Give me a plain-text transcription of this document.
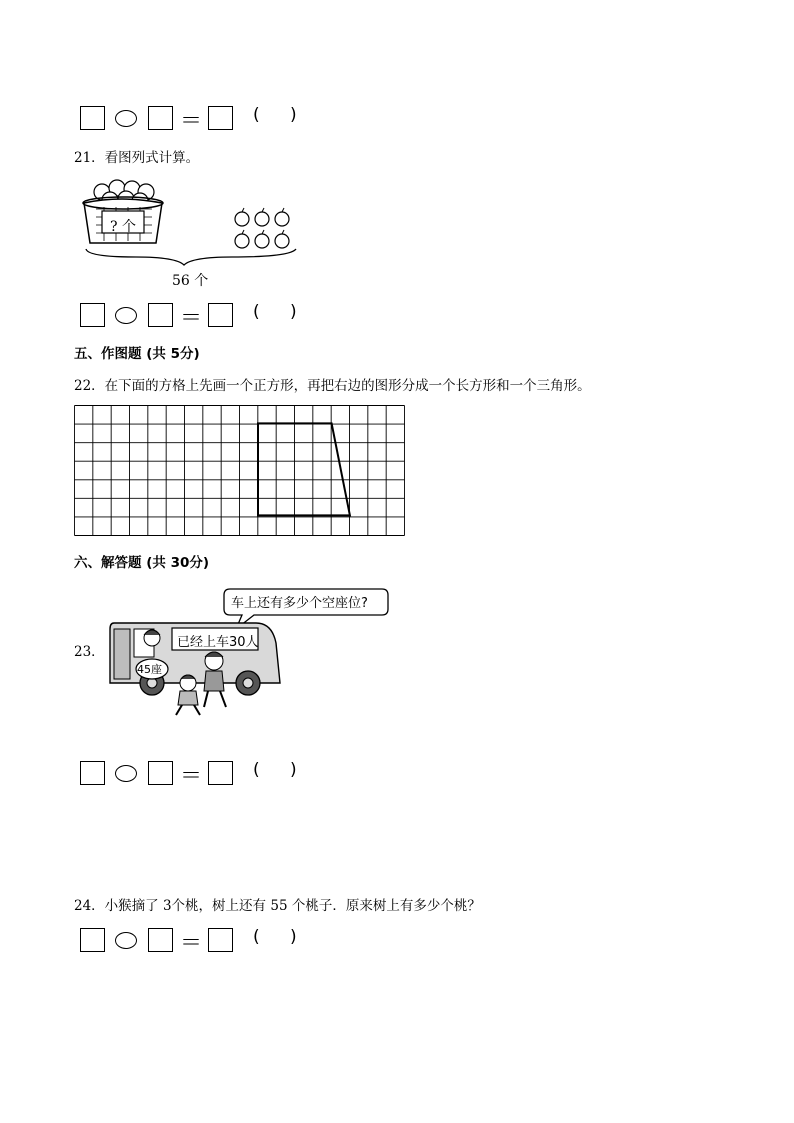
＝	( )
21．看图列式计算。
? 个
56 个
＝	( )
五、作图题 (共 5分)
22．在下面的方格上先画一个正方形，再把右边的图形分成一个长方形和一个三角形。
六、解答题 (共 30分)
23．
车上还有多少个空座位?
已经上车30人
45座
＝	( )
24．小猴摘了 3个桃，树上还有 55 个桃子．原来树上有多少个桃？
＝	( )
